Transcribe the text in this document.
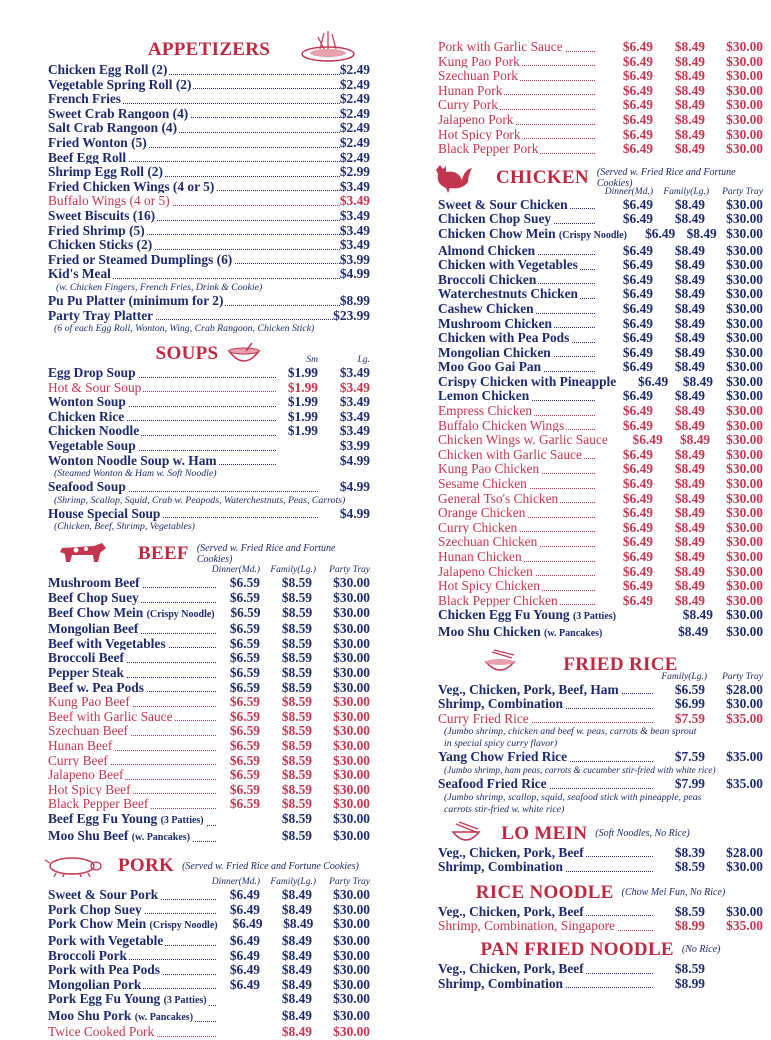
APPETIZERS
Chicken Egg Roll (2)	$2.49
Vegetable Spring Roll (2)	$2.49
French Fries	$2.49
Sweet Crab Rangoon (4)	$2.49
Salt Crab Rangoon (4)	$2.49
Fried Wonton (5)	$2.49
Beef Egg Roll	$2.49
Shrimp Egg Roll (2)	$2.99
Fried Chicken Wings (4 or 5)	$3.49
Buffalo Wings (4 or 5)	$3.49
Sweet Biscuits (16)	$3.49
Fried Shrimp (5)	$3.49
Chicken Sticks (2)	$3.49
Fried or Steamed Dumplings (6)	$3.99
Kid's Meal	$4.99
(w. Chicken Fingers, French Fries, Drink & Cookie)
Pu Pu Platter (minimum for 2)	$8.99
Party Tray Platter	$23.99
(6 of each Egg Roll, Wonton, Wing, Crab Rangoon, Chicken Stick)
SOUPS	Sm	Lg.
Egg Drop Soup	$1.99	$3.49
Hot & Sour Soup	$1.99	$3.49
Wonton Soup	$1.99	$3.49
Chicken Rice	$1.99	$3.49
Chicken Noodle	$1.99	$3.49
Vegetable Soup	$3.99
Wonton Noodle Soup w. Ham	$4.99
(Steamed Wonton & Ham w. Soft Noodle)
Seafood Soup	$4.99
(Shrimp, Scallop, Squid, Crab w. Peapods, Waterchestnuts, Peas, Carrots)
House Special Soup	$4.99
(Chicken, Beef, Shrimp, Vegetables)
BEEF (Served w. Fried Rice and Fortune Cookies)
Dinner(Md.)	Family(Lg.)	Party Tray
Mushroom Beef	$6.59	$8.59	$30.00
Beef Chop Suey	$6.59	$8.59	$30.00
Beef Chow Mein (Crispy Noodle)	$6.59	$8.59	$30.00
Mongolian Beef	$6.59	$8.59	$30.00
Beef with Vegetables	$6.59	$8.59	$30.00
Broccoli Beef	$6.59	$8.59	$30.00
Pepper Steak	$6.59	$8.59	$30.00
Beef w. Pea Pods	$6.59	$8.59	$30.00
Kung Pao Beef	$6.59	$8.59	$30.00
Beef with Garlic Sauce	$6.59	$8.59	$30.00
Szechuan Beef	$6.59	$8.59	$30.00
Hunan Beef	$6.59	$8.59	$30.00
Curry Beef	$6.59	$8.59	$30.00
Jalapeno Beef	$6.59	$8.59	$30.00
Hot Spicy Beef	$6.59	$8.59	$30.00
Black Pepper Beef	$6.59	$8.59	$30.00
Beef Egg Fu Young (3 Patties)	$8.59	$30.00
Moo Shu Beef (w. Pancakes)	$8.59	$30.00
PORK (Served w. Fried Rice and Fortune Cookies)
Dinner(Md.)	Family(Lg.)	Party Tray
Sweet & Sour Pork	$6.49	$8.49	$30.00
Pork Chop Suey	$6.49	$8.49	$30.00
Pork Chow Mein (Crispy Noodle)	$6.49	$8.49	$30.00
Pork with Vegetable	$6.49	$8.49	$30.00
Broccoli Pork	$6.49	$8.49	$30.00
Pork with Pea Pods	$6.49	$8.49	$30.00
Mongolian Pork	$6.49	$8.49	$30.00
Pork Egg Fu Young (3 Patties)	$8.49	$30.00
Moo Shu Pork (w. Pancakes)	$8.49	$30.00
Twice Cooked Pork	$8.49	$30.00
Pork with Garlic Sauce	$6.49	$8.49	$30.00
Kung Pao Pork	$6.49	$8.49	$30.00
Szechuan Pork	$6.49	$8.49	$30.00
Hunan Pork	$6.49	$8.49	$30.00
Curry Pork	$6.49	$8.49	$30.00
Jalapeno Pork	$6.49	$8.49	$30.00
Hot Spicy Pork	$6.49	$8.49	$30.00
Black Pepper Pork	$6.49	$8.49	$30.00
CHICKEN (Served w. Fried Rice and Fortune Cookies)
Dinner(Md.)	Family(Lg.)	Party Tray
Sweet & Sour Chicken	$6.49	$8.49	$30.00
Chicken Chop Suey	$6.49	$8.49	$30.00
Chicken Chow Mein (Crispy Noodle)	$6.49 $8.49 $30.00
Almond Chicken	$6.49	$8.49	$30.00
Chicken with Vegetables	$6.49	$8.49	$30.00
Broccoli Chicken	$6.49	$8.49	$30.00
Waterchestnuts Chicken	$6.49	$8.49	$30.00
Cashew Chicken	$6.49	$8.49	$30.00
Mushroom Chicken	$6.49	$8.49	$30.00
Chicken with Pea Pods	$6.49	$8.49	$30.00
Mongolian Chicken	$6.49	$8.49	$30.00
Moo Goo Gai Pan	$6.49	$8.49	$30.00
Crispy Chicken with Pineapple	$6.49	$8.49 $30.00
Lemon Chicken	$6.49	$8.49	$30.00
Empress Chicken	$6.49	$8.49	$30.00
Buffalo Chicken Wings	$6.49	$8.49	$30.00
Chicken Wings w. Garlic Sauce	$6.49	$8.49	$30.00
Chicken with Garlic Sauce	$6.49	$8.49	$30.00
Kung Pao Chicken	$6.49	$8.49	$30.00
Sesame Chicken	$6.49	$8.49	$30.00
General Tso's Chicken	$6.49	$8.49	$30.00
Orange Chicken	$6.49	$8.49	$30.00
Curry Chicken	$6.49	$8.49	$30.00
Szechuan Chicken	$6.49	$8.49	$30.00
Hunan Chicken	$6.49	$8.49	$30.00
Jalapeno Chicken	$6.49	$8.49	$30.00
Hot Spicy Chicken	$6.49	$8.49	$30.00
Black Pepper Chicken	$6.49	$8.49	$30.00
Chicken Egg Fu Young (3 Patties)	$8.49 $30.00
Moo Shu Chicken (w. Pancakes)	$8.49	$30.00
FRIED RICE
Family(Lg.)	Party Tray
Veg., Chicken, Pork, Beef, Ham	$6.59	$28.00
Shrimp, Combination	$6.99	$30.00
Curry Fried Rice	$7.59	$35.00
(Jumbo shrimp, chicken and beef w. peas, carrots & bean sprout
in special spicy curry flavor)
Yang Chow Fried Rice	$7.59	$35.00
(Jumbo shrimp, ham peas, carrots & cucumber stir-fried with white rice)
Seafood Fried Rice	$7.99	$35.00
(Jumbo shrimp, scallop, squid, seafood stick with pineapple, peas
carrots stir-fried w. white rice)
LO MEIN (Soft Noodles, No Rice)
Veg., Chicken, Pork, Beef	$8.39	$28.00
Shrimp, Combination	$8.59	$30.00
RICE NOODLE (Chow Mei Fun, No Rice)
Veg., Chicken, Pork, Beef	$8.59	$30.00
Shrimp, Combination, Singapore	$8.99	$35.00
PAN FRIED NOODLE (No Rice)
Veg., Chicken, Pork, Beef	$8.59
Shrimp, Combination	$8.99
